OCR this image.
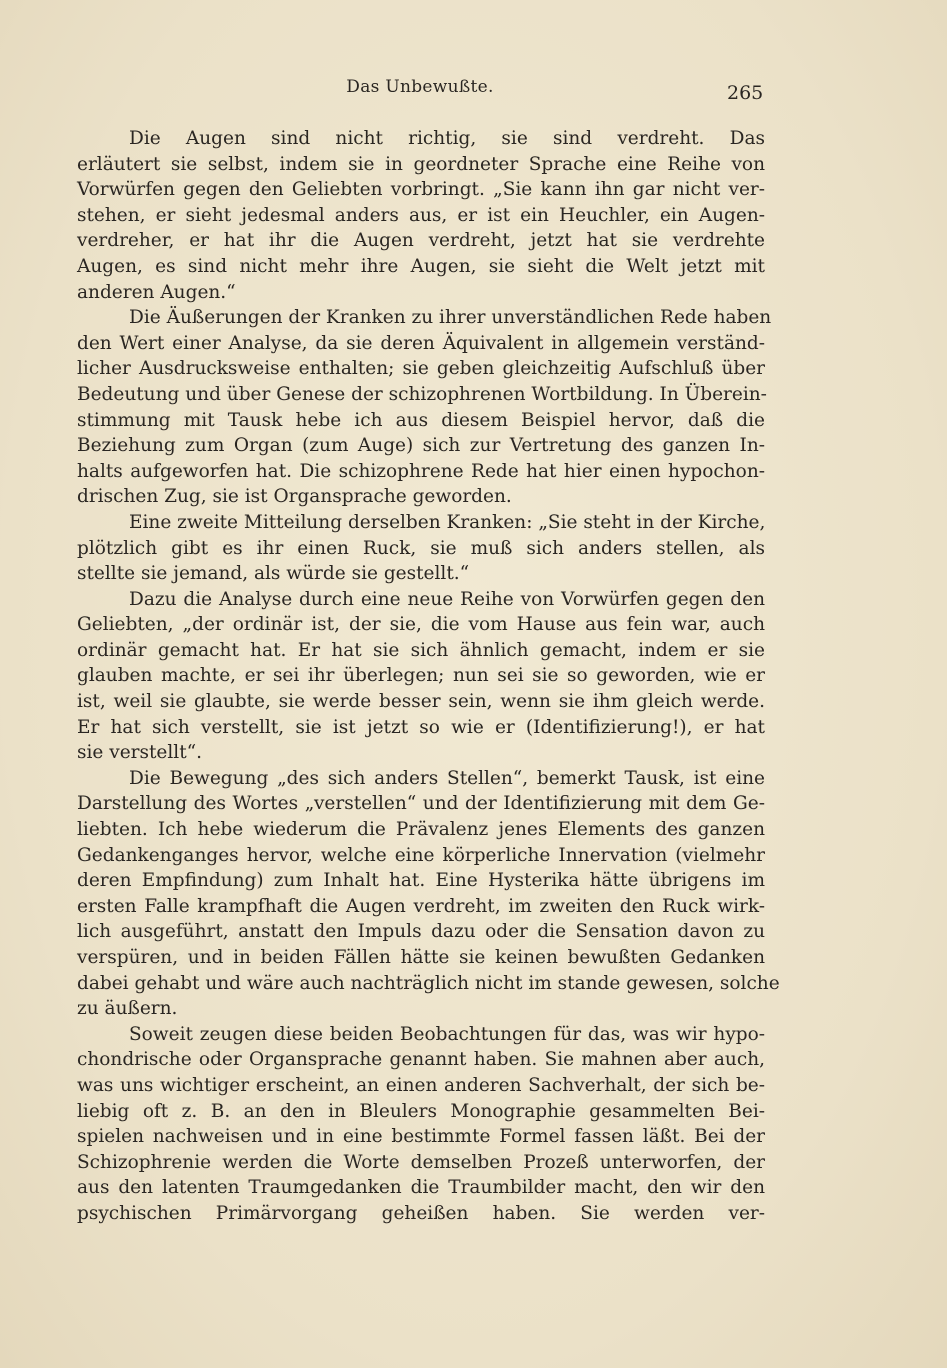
Das Unbewußte.	265
Die Augen sind nicht richtig, sie sind verdreht. Das
erläutert sie selbst, indem sie in geordneter Sprache eine Reihe von
Vorwürfen gegen den Geliebten vorbringt. „Sie kann ihn gar nicht ver-
stehen, er sieht jedesmal anders aus, er ist ein Heuchler, ein Augen-
verdreher, er hat ihr die Augen verdreht, jetzt hat sie verdrehte
Augen, es sind nicht mehr ihre Augen, sie sieht die Welt jetzt mit
anderen Augen.“
Die Äußerungen der Kranken zu ihrer unverständlichen Rede haben
den Wert einer Analyse, da sie deren Äquivalent in allgemein verständ-
licher Ausdrucksweise enthalten; sie geben gleichzeitig Aufschluß über
Bedeutung und über Genese der schizophrenen Wortbildung. In Überein-
stimmung mit Tausk hebe ich aus diesem Beispiel hervor, daß die
Beziehung zum Organ (zum Auge) sich zur Vertretung des ganzen In-
halts aufgeworfen hat. Die schizophrene Rede hat hier einen hypochon-
drischen Zug, sie ist Organsprache geworden.
Eine zweite Mitteilung derselben Kranken: „Sie steht in der Kirche,
plötzlich gibt es ihr einen Ruck, sie muß sich anders stellen, als
stellte sie jemand, als würde sie gestellt.“
Dazu die Analyse durch eine neue Reihe von Vorwürfen gegen den
Geliebten, „der ordinär ist, der sie, die vom Hause aus fein war, auch
ordinär gemacht hat. Er hat sie sich ähnlich gemacht, indem er sie
glauben machte, er sei ihr überlegen; nun sei sie so geworden, wie er
ist, weil sie glaubte, sie werde besser sein, wenn sie ihm gleich werde.
Er hat sich verstellt, sie ist jetzt so wie er (Identifizierung!), er hat
sie verstellt“.
Die Bewegung „des sich anders Stellen“, bemerkt Tausk, ist eine
Darstellung des Wortes „verstellen“ und der Identifizierung mit dem Ge-
liebten. Ich hebe wiederum die Prävalenz jenes Elements des ganzen
Gedankenganges hervor, welche eine körperliche Innervation (vielmehr
deren Empfindung) zum Inhalt hat. Eine Hysterika hätte übrigens im
ersten Falle krampfhaft die Augen verdreht, im zweiten den Ruck wirk-
lich ausgeführt, anstatt den Impuls dazu oder die Sensation davon zu
verspüren, und in beiden Fällen hätte sie keinen bewußten Gedanken
dabei gehabt und wäre auch nachträglich nicht im stande gewesen, solche
zu äußern.
Soweit zeugen diese beiden Beobachtungen für das, was wir hypo-
chondrische oder Organsprache genannt haben. Sie mahnen aber auch,
was uns wichtiger erscheint, an einen anderen Sachverhalt, der sich be-
liebig oft z. B. an den in Bleulers Monographie gesammelten Bei-
spielen nachweisen und in eine bestimmte Formel fassen läßt. Bei der
Schizophrenie werden die Worte demselben Prozeß unterworfen, der
aus den latenten Traumgedanken die Traumbilder macht, den wir den
psychischen Primärvorgang geheißen haben. Sie werden ver-
